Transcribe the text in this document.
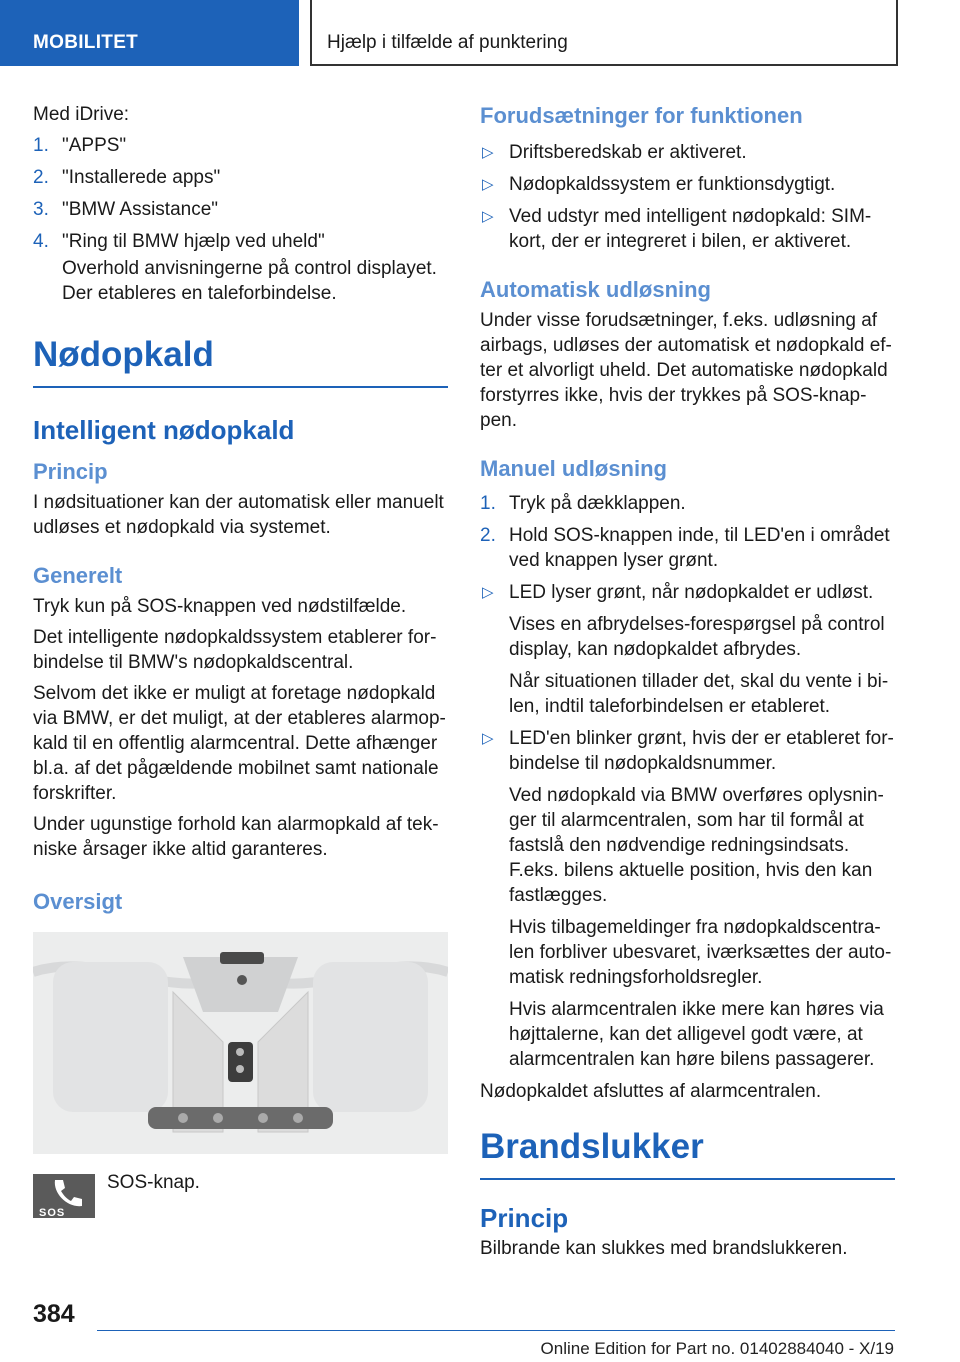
MOBILITET	Hjælp i tilfælde af punktering

Med iDrive:

1. "APPS"
2. "Installerede apps"
3. "BMW Assistance"
4. "Ring til BMW hjælp ved uheld"
Overhold anvisningerne på control displayet. Der etableres en taleforbindelse.
Nødopkald
Intelligent nødopkald
Princip

I nødsituationer kan der automatisk eller manuelt udløses et nødopkald via systemet.

Generelt

Tryk kun på SOS-knappen ved nødstilfælde.

Det intelligente nødopkaldssystem etablerer for-bindelse til BMW's nødopkaldscentral.

Selvom det ikke er muligt at foretage nødopkald via BMW, er det muligt, at der etableres alarmop-kald til en offentlig alarmcentral. Dette afhænger bl.a. af det pågældende mobilnet samt nationale forskrifter.

Under ugunstige forhold kan alarmopkald af tek-niske årsager ikke altid garanteres.

Oversigt
SOS
SOS-knap.
Forudsætninger for funktionen
▷ Driftsberedskab er aktiveret.
▷ Nødopkaldssystem er funktionsdygtigt.
▷ Ved udstyr med intelligent nødopkald: SIM-kort, der er integreret i bilen, er aktiveret.
Automatisk udløsning

Under visse forudsætninger, f.eks. udløsning af airbags, udløses der automatisk et nødopkald ef-ter et alvorligt uheld. Det automatiske nødopkald forstyrres ikke, hvis der trykkes på SOS-knap-pen.

Manuel udløsning
1. Tryk på dækklappen.
2. Hold SOS-knappen inde, til LED'en i området ved knappen lyser grønt.
▷ LED lyser grønt, når nødopkaldet er udløst.
Vises en afbrydelses-forespørgsel på control display, kan nødopkaldet afbrydes.
Når situationen tillader det, skal du vente i bi-len, indtil taleforbindelsen er etableret.
▷ LED'en blinker grønt, hvis der er etableret for-bindelse til nødopkaldsnummer.
Ved nødopkald via BMW overføres oplysnin-ger til alarmcentralen, som har til formål at fastslå den nødvendige redningsindsats. F.eks. bilens aktuelle position, hvis den kan fastlægges.
Hvis tilbagemeldinger fra nødopkaldscentra-len forbliver ubesvaret, iværksættes der auto-matisk redningsforholdsregler.
Hvis alarmcentralen ikke mere kan høres via højttalerne, kan det alligevel godt være, at alarmcentralen kan høre bilens passagerer.

Nødopkaldet afsluttes af alarmcentralen.

Brandslukker
Princip

Bilbrande kan slukkes med brandslukkeren.

384
Online Edition for Part no. 01402884040 - X/19
